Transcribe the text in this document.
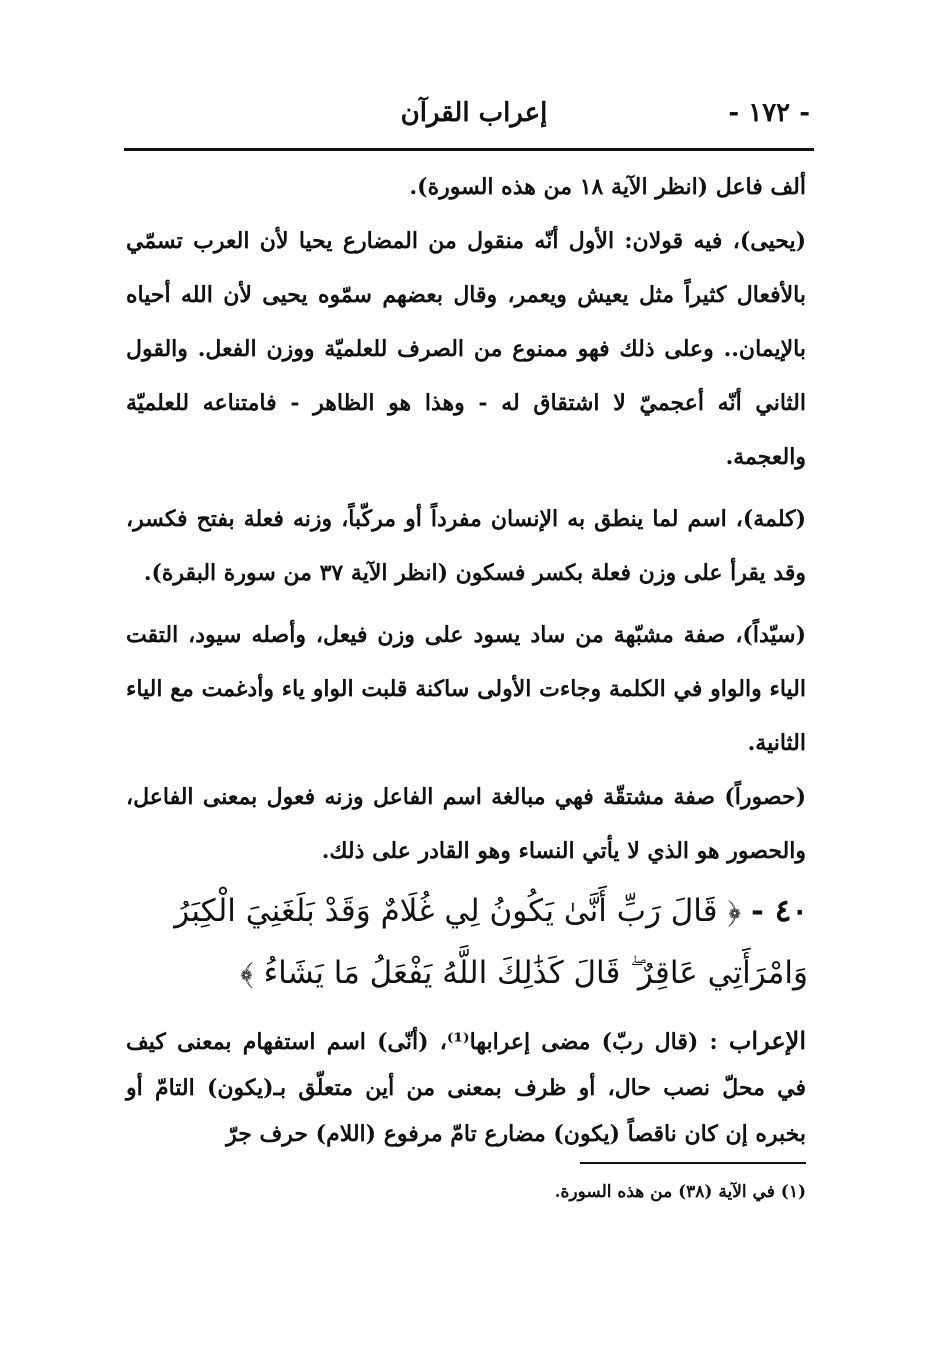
- ١٧٢ -
إعراب القرآن

ألف فاعل (انظر الآية ١٨ من هذه السورة).

(يحيى)، فيه قولان: الأول أنّه منقول من المضارع يحيا لأن العرب تسمّي بالأفعال كثيراً مثل يعيش ويعمر، وقال بعضهم سمّوه يحيى لأن الله أحياه بالإيمان.. وعلى ذلك فهو ممنوع من الصرف للعلميّة ووزن الفعل. والقول الثاني أنّه أعجميّ لا اشتقاق له - وهذا هو الظاهر - فامتناعه للعلميّة والعجمة.

(كلمة)، اسم لما ينطق به الإنسان مفرداً أو مركّباً، وزنه فعلة بفتح فكسر، وقد يقرأ على وزن فعلة بكسر فسكون (انظر الآية ٣٧ من سورة البقرة).

(سيّداً)، صفة مشبّهة من ساد يسود على وزن فيعل، وأصله سيود، التقت الياء والواو في الكلمة وجاءت الأولى ساكنة قلبت الواو ياء وأدغمت مع الياء الثانية.

(حصوراً) صفة مشتقّة فهي مبالغة اسم الفاعل وزنه فعول بمعنى الفاعل، والحصور هو الذي لا يأتي النساء وهو القادر على ذلك.

٤٠ - ﴿ قَالَ رَبِّ أَنَّىٰ يَكُونُ لِي غُلَامٌ وَقَدْ بَلَغَنِيَ الْكِبَرُ وَامْرَأَتِي عَاقِرٌ ۖ قَالَ كَذَٰلِكَ اللَّهُ يَفْعَلُ مَا يَشَاءُ ﴾
الإعراب : (قال ربّ) مضى إعرابها⁽¹⁾، (أنّى) اسم استفهام بمعنى كيف في محلّ نصب حال، أو ظرف بمعنى من أين متعلّق بـ(يكون) التامّ أو بخبره إن كان ناقصاً (يكون) مضارع تامّ مرفوع (اللام) حرف جرّ
(١) في الآية (٣٨) من هذه السورة.
